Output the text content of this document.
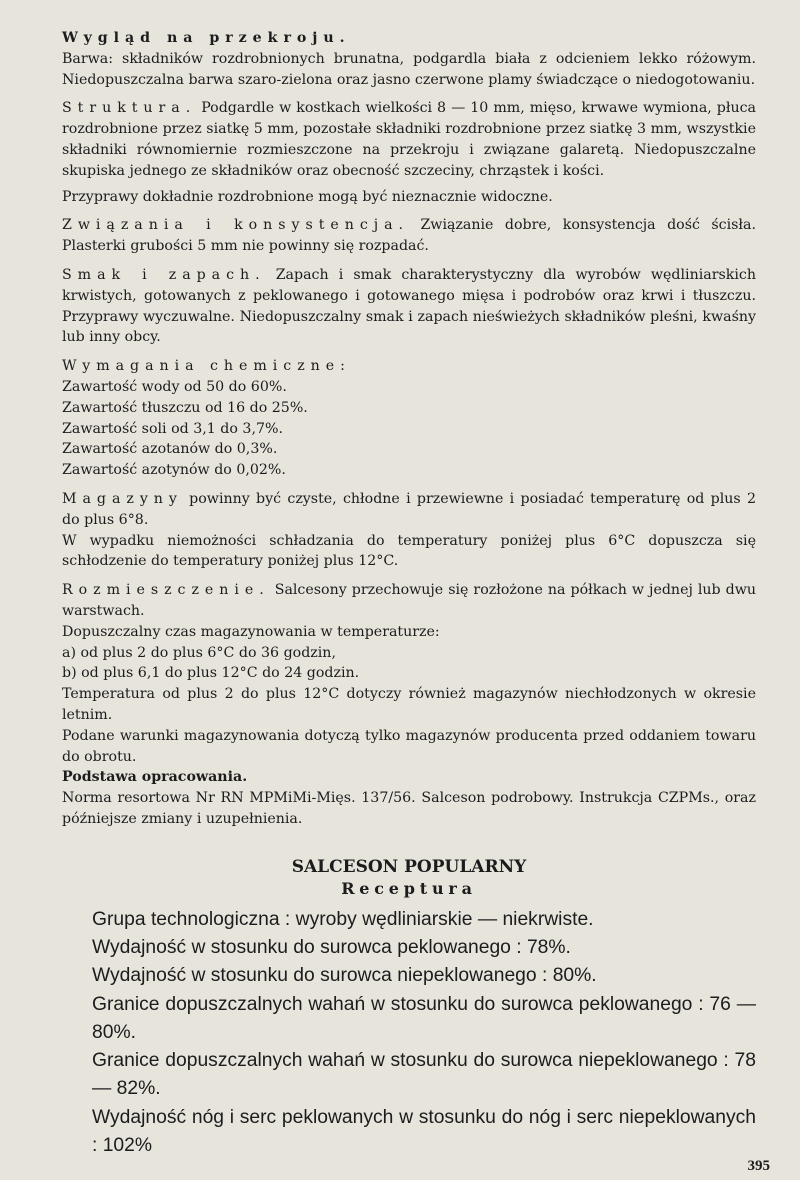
Wygląd na przekroju.

Barwa: składników rozdrobnionych brunatna, podgardla biała z odcieniem lekko różowym. Niedopuszczalna barwa szaro-zielona oraz jasno czerwone plamy świadczące o niedogotowaniu.

Struktura. Podgardle w kostkach wielkości 8 — 10 mm, mięso, krwawe wymiona, płuca rozdrobnione przez siatkę 5 mm, pozostałe składniki rozdrobnione przez siatkę 3 mm, wszystkie składniki równomiernie rozmieszczone na przekroju i związane galaretą. Niedopuszczalne skupiska jednego ze składników oraz obecność szczeciny, chrząstek i kości.

Przyprawy dokładnie rozdrobnione mogą być nieznacznie widoczne.

Związania i konsystencja. Związanie dobre, konsystencja dość ścisła. Plasterki grubości 5 mm nie powinny się rozpadać.

Smak i zapach. Zapach i smak charakterystyczny dla wyrobów wędliniarskich krwistych, gotowanych z peklowanego i gotowanego mięsa i podrobów oraz krwi i tłuszczu. Przyprawy wyczuwalne. Niedopuszczalny smak i zapach nieświeżych składników pleśni, kwaśny lub inny obcy.

Wymagania chemiczne:

Zawartość wody od 50 do 60%.

Zawartość tłuszczu od 16 do 25%.

Zawartość soli od 3,1 do 3,7%.

Zawartość azotanów do 0,3%.

Zawartość azotynów do 0,02%.

Magazyny powinny być czyste, chłodne i przewiewne i posiadać temperaturę od plus 2 do plus 6°8.

W wypadku niemożności schładzania do temperatury poniżej plus 6°C dopuszcza się schłodzenie do temperatury poniżej plus 12°C.

Rozmieszczenie. Salcesony przechowuje się rozłożone na półkach w jednej lub dwu warstwach.

Dopuszczalny czas magazynowania w temperaturze:

a) od plus 2 do plus 6°C do 36 godzin,

b) od plus 6,1 do plus 12°C do 24 godzin.

Temperatura od plus 2 do plus 12°C dotyczy również magazynów niechłodzonych w okresie letnim.

Podane warunki magazynowania dotyczą tylko magazynów producenta przed oddaniem towaru do obrotu.

Podstawa opracowania.

Norma resortowa Nr RN MPMiMi-Mięs. 137/56. Salceson podrobowy. Instrukcja CZPMs., oraz późniejsze zmiany i uzupełnienia.

SALCESON POPULARNY
Receptura

Grupa technologiczna : wyroby wędliniarskie — niekrwiste.

Wydajność w stosunku do surowca peklowanego : 78%.

Wydajność w stosunku do surowca niepeklowanego : 80%.

Granice dopuszczalnych wahań w stosunku do surowca peklowanego : 76 — 80%.

Granice dopuszczalnych wahań w stosunku do surowca niepeklowanego : 78 — 82%.

Wydajność nóg i serc peklowanych w stosunku do nóg i serc niepeklowanych : 102%

395
